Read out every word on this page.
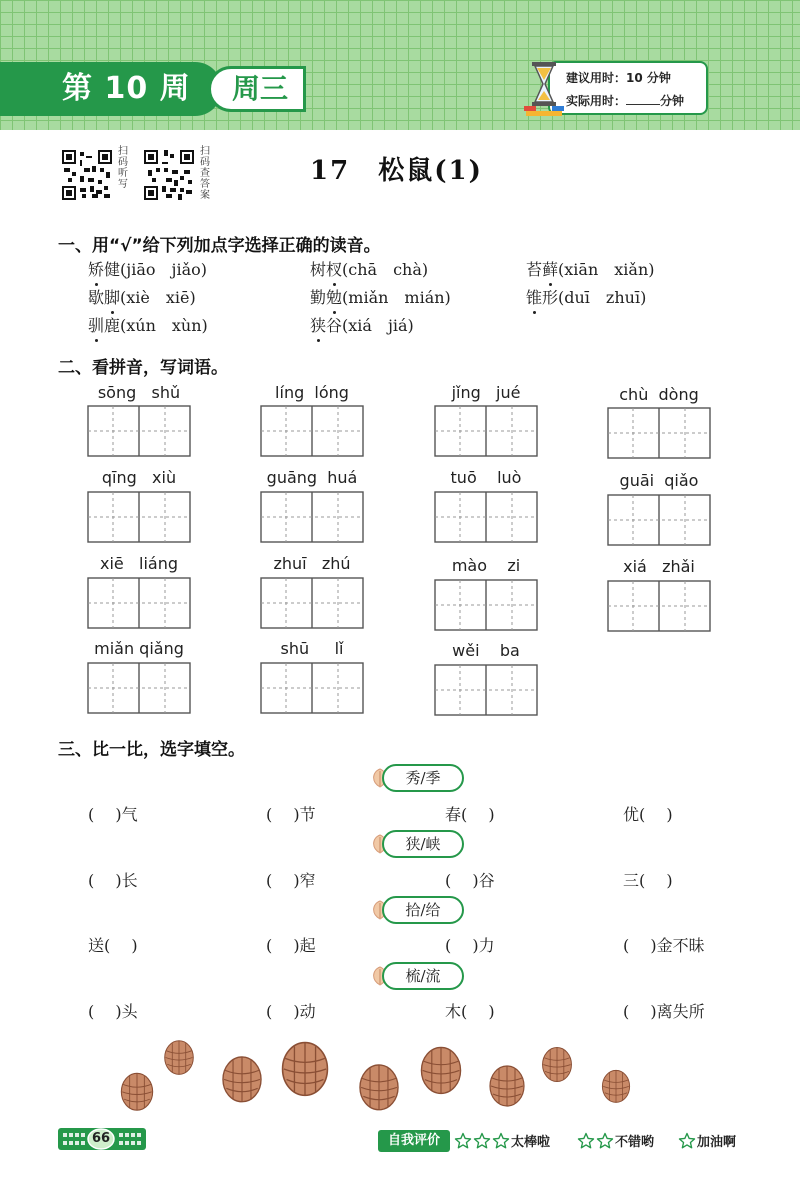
第 10 周 周三	建议用时：10 分钟
实际用时：	分钟
扫码听写
扫码查答案
17 松鼠(1)
一、用“√”给下列加点字选择正确的读音。
矫健(jiāo　jiǎo)	树杈(chā　chà)	苔藓(xiān　xiǎn)
歇脚(xiè　xiē)	勤勉(miǎn　mián)	锥形(duī　zhuī)
驯鹿(xún　xùn)	狭谷(xiá　jiá)
二、看拼音，写词语。
sōng   shǔ	líng  lóng	jǐng   jué	chù  dòng
qīng   xiù	guāng  huá	tuō    luò	guāi  qiǎo
xiē   liáng	zhuī   zhú	mào    zi	xiá   zhǎi
miǎn qiǎng	shū     lǐ	wěi    ba
三、比一比，选字填空。
秀/季
(　 )气	(　 )节	春(　 )	优(　 )
狭/峡
(　 )长	(　 )窄	(　 )谷	三(　 )
拾/给
送(　 )	(　 )起	(　 )力	(　 )金不昧
梳/流
(　 )头	(　 )动	木(　 )	(　 )离失所
66	自我评价	太棒啦	不错哟	加油啊
